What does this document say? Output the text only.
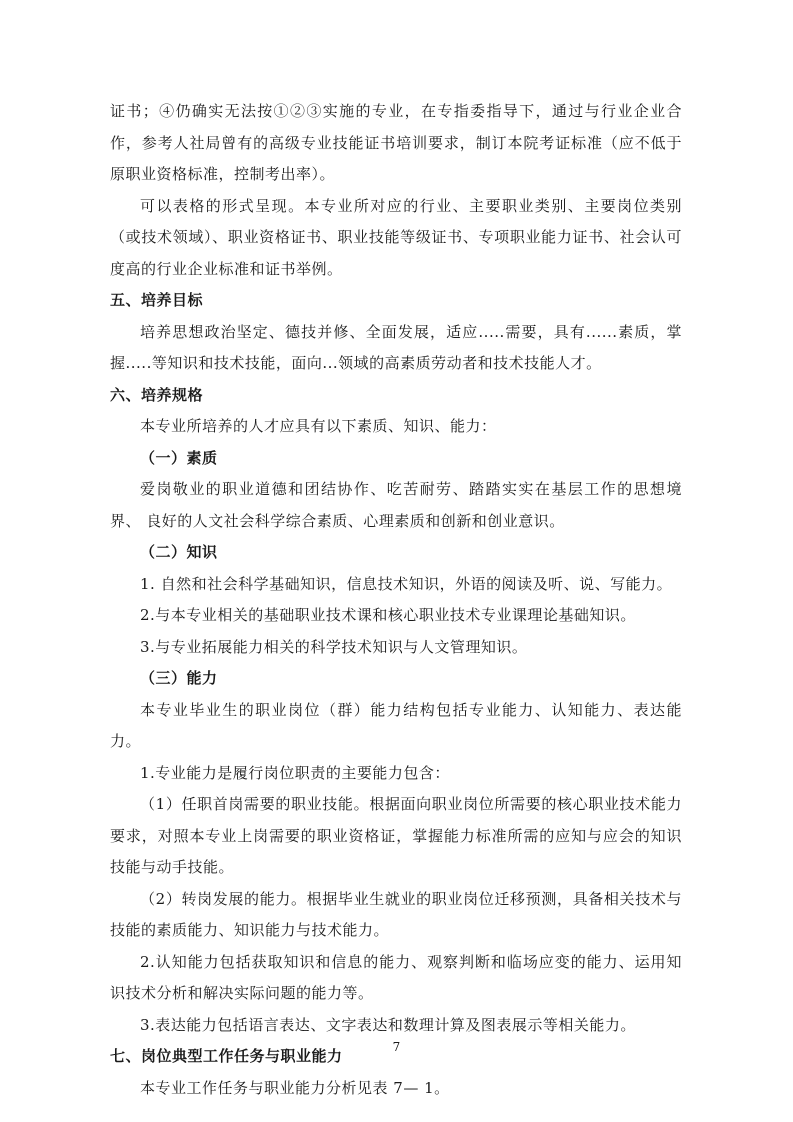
证书；④仍确实无法按①②③实施的专业，在专指委指导下，通过与行业企业合作，参考人社局曾有的高级专业技能证书培训要求，制订本院考证标准（应不低于原职业资格标准，控制考出率）。

可以表格的形式呈现。本专业所对应的行业、主要职业类别、主要岗位类别（或技术领域）、职业资格证书、职业技能等级证书、专项职业能力证书、社会认可度高的行业企业标准和证书举例。

五、培养目标

培养思想政治坚定、德技并修、全面发展，适应.....需要，具有......素质，掌握.....等知识和技术技能，面向...领域的高素质劳动者和技术技能人才。

六、培养规格

本专业所培养的人才应具有以下素质、知识、能力：

（一）素质

爱岗敬业的职业道德和团结协作、吃苦耐劳、踏踏实实在基层工作的思想境界、 良好的人文社会科学综合素质、心理素质和创新和创业意识。

（二）知识

1. 自然和社会科学基础知识，信息技术知识，外语的阅读及听、说、写能力。

2.与本专业相关的基础职业技术课和核心职业技术专业课理论基础知识。

3.与专业拓展能力相关的科学技术知识与人文管理知识。

（三）能力

本专业毕业生的职业岗位（群）能力结构包括专业能力、认知能力、表达能力。

1.专业能力是履行岗位职责的主要能力包含：

（1）任职首岗需要的职业技能。根据面向职业岗位所需要的核心职业技术能力要求，对照本专业上岗需要的职业资格证，掌握能力标准所需的应知与应会的知识技能与动手技能。

（2）转岗发展的能力。根据毕业生就业的职业岗位迁移预测，具备相关技术与技能的素质能力、知识能力与技术能力。

2.认知能力包括获取知识和信息的能力、观察判断和临场应变的能力、运用知识技术分析和解决实际问题的能力等。

3.表达能力包括语言表达、文字表达和数理计算及图表展示等相关能力。

七、岗位典型工作任务与职业能力

本专业工作任务与职业能力分析见表 7— 1。

7
